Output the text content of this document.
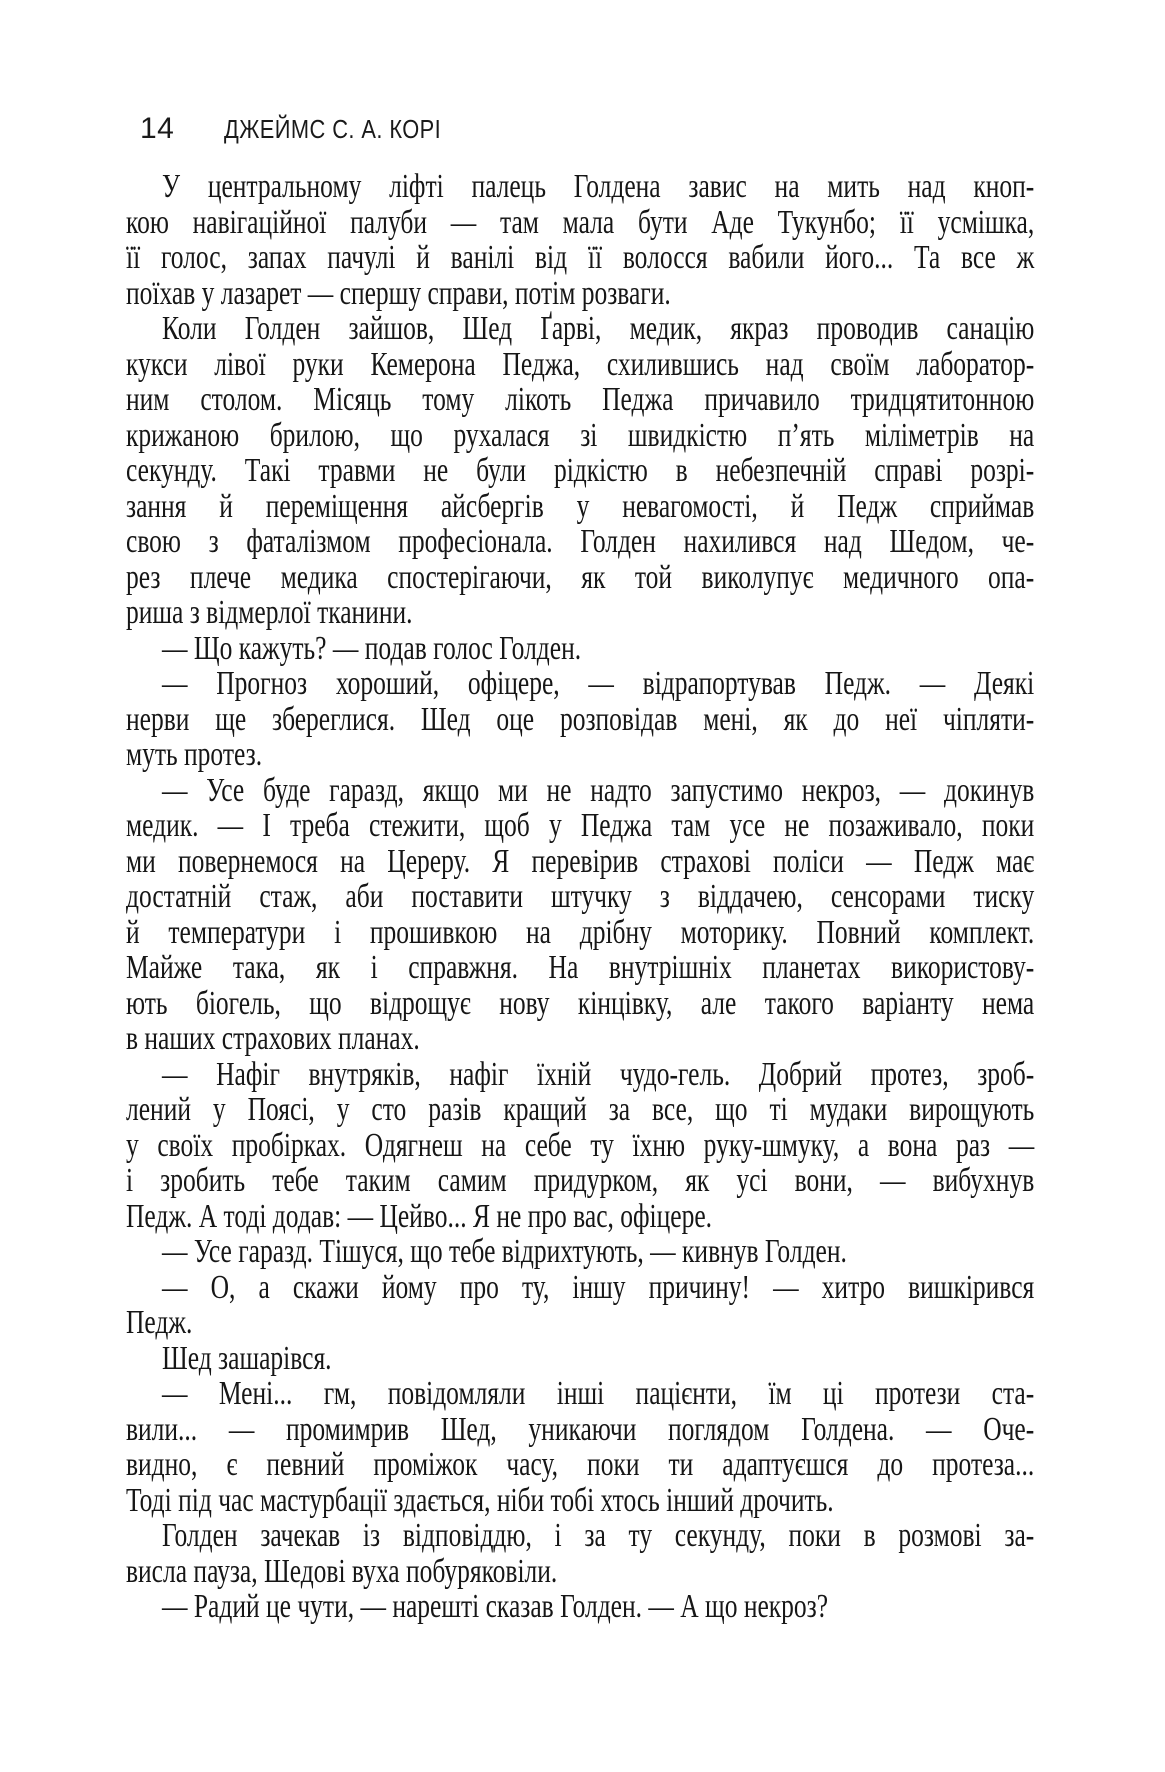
14 ДЖЕЙМС С. А. КОРІ
У центральному ліфті палець Голдена завис на мить над кноп-
кою навігаційної палуби — там мала бути Аде Тукунбо; її усмішка,
її голос, запах пачулі й ванілі від її волосся вабили його... Та все ж
поїхав у лазарет — спершу справи, потім розваги.
Коли Голден зайшов, Шед Ґарві, медик, якраз проводив санацію
кукси лівої руки Кемерона Педжа, схилившись над своїм лаборатор-
ним столом. Місяць тому лікоть Педжа причавило тридцятитонною
крижаною брилою, що рухалася зі швидкістю п’ять міліметрів на
секунду. Такі травми не були рідкістю в небезпечній справі розрі-
зання й переміщення айсбергів у невагомості, й Педж сприймав
свою з фаталізмом професіонала. Голден нахилився над Шедом, че-
рез плече медика спостерігаючи, як той виколупує медичного опа-
риша з відмерлої тканини.
— Що кажуть? — подав голос Голден.
— Прогноз хороший, офіцере, — відрапортував Педж. — Деякі
нерви ще збереглися. Шед оце розповідав мені, як до неї чіпляти-
муть протез.
— Усе буде гаразд, якщо ми не надто запустимо некроз, — докинув
медик. — І треба стежити, щоб у Педжа там усе не позаживало, поки
ми повернемося на Цереру. Я перевірив страхові поліси — Педж має
достатній стаж, аби поставити штучку з віддачею, сенсорами тиску
й температури і прошивкою на дрібну моторику. Повний комплект.
Майже така, як і справжня. На внутрішніх планетах використову-
ють біогель, що відрощує нову кінцівку, але такого варіанту нема
в наших страхових планах.
— Нафіг внутряків, нафіг їхній чудо-гель. Добрий протез, зроб-
лений у Поясі, у сто разів кращий за все, що ті мудаки вирощують
у своїх пробірках. Одягнеш на себе ту їхню руку-шмуку, а вона раз —
і зробить тебе таким самим придурком, як усі вони, — вибухнув
Педж. А тоді додав: — Цейво... Я не про вас, офіцере.
— Усе гаразд. Тішуся, що тебе відрихтують, — кивнув Голден.
— О, а скажи йому про ту, іншу причину! — хитро вишкірився
Педж.
Шед зашарівся.
— Мені... гм, повідомляли інші пацієнти, їм ці протези ста-
вили... — промимрив Шед, уникаючи поглядом Голдена. — Оче-
видно, є певний проміжок часу, поки ти адаптуєшся до протеза...
Тоді під час мастурбації здається, ніби тобі хтось інший дрочить.
Голден зачекав із відповіддю, і за ту секунду, поки в розмові за-
висла пауза, Шедові вуха побуряковіли.
— Радий це чути, — нарешті сказав Голден. — А що некроз?
